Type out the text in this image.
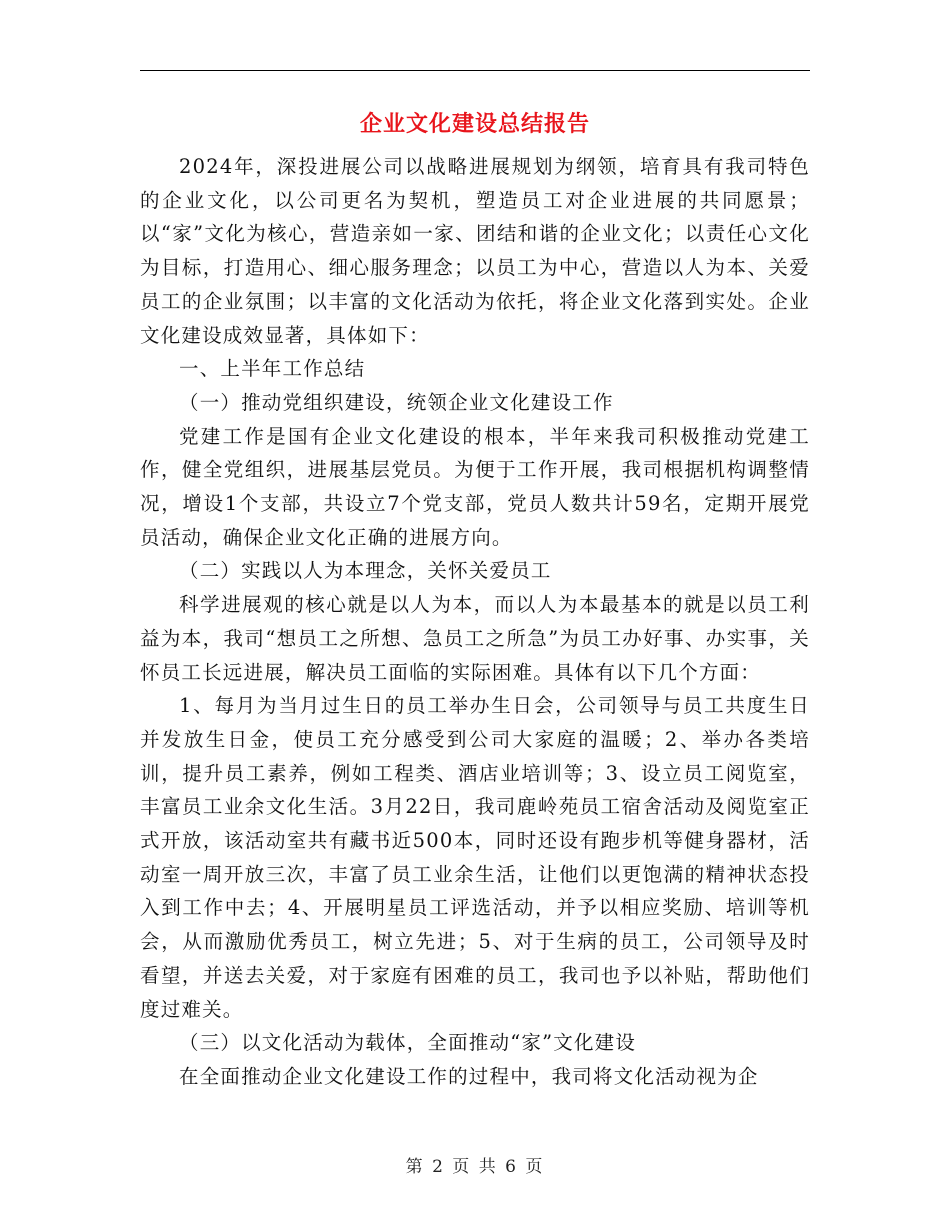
企业文化建设总结报告

2024年，深投进展公司以战略进展规划为纲领，培育具有我司特色的企业文化，以公司更名为契机，塑造员工对企业进展的共同愿景；以“家”文化为核心，营造亲如一家、团结和谐的企业文化；以责任心文化为目标，打造用心、细心服务理念；以员工为中心，营造以人为本、关爱员工的企业氛围；以丰富的文化活动为依托，将企业文化落到实处。企业文化建设成效显著，具体如下：

一、上半年工作总结

（一）推动党组织建设，统领企业文化建设工作

党建工作是国有企业文化建设的根本，半年来我司积极推动党建工作，健全党组织，进展基层党员。为便于工作开展，我司根据机构调整情况，增设1个支部，共设立7个党支部，党员人数共计59名，定期开展党员活动，确保企业文化正确的进展方向。

（二）实践以人为本理念，关怀关爱员工

科学进展观的核心就是以人为本，而以人为本最基本的就是以员工利益为本，我司“想员工之所想、急员工之所急”为员工办好事、办实事，关怀员工长远进展，解决员工面临的实际困难。具体有以下几个方面：

1、每月为当月过生日的员工举办生日会，公司领导与员工共度生日并发放生日金，使员工充分感受到公司大家庭的温暖；2、举办各类培训，提升员工素养，例如工程类、酒店业培训等；3、设立员工阅览室，丰富员工业余文化生活。3月22日，我司鹿岭苑员工宿舍活动及阅览室正式开放，该活动室共有藏书近500本，同时还设有跑步机等健身器材，活动室一周开放三次，丰富了员工业余生活，让他们以更饱满的精神状态投入到工作中去；4、开展明星员工评选活动，并予以相应奖励、培训等机会，从而激励优秀员工，树立先进；5、对于生病的员工，公司领导及时看望，并送去关爱，对于家庭有困难的员工，我司也予以补贴，帮助他们度过难关。

（三）以文化活动为载体，全面推动“家”文化建设

在全面推动企业文化建设工作的过程中，我司将文化活动视为企

第 2 页 共 6 页
